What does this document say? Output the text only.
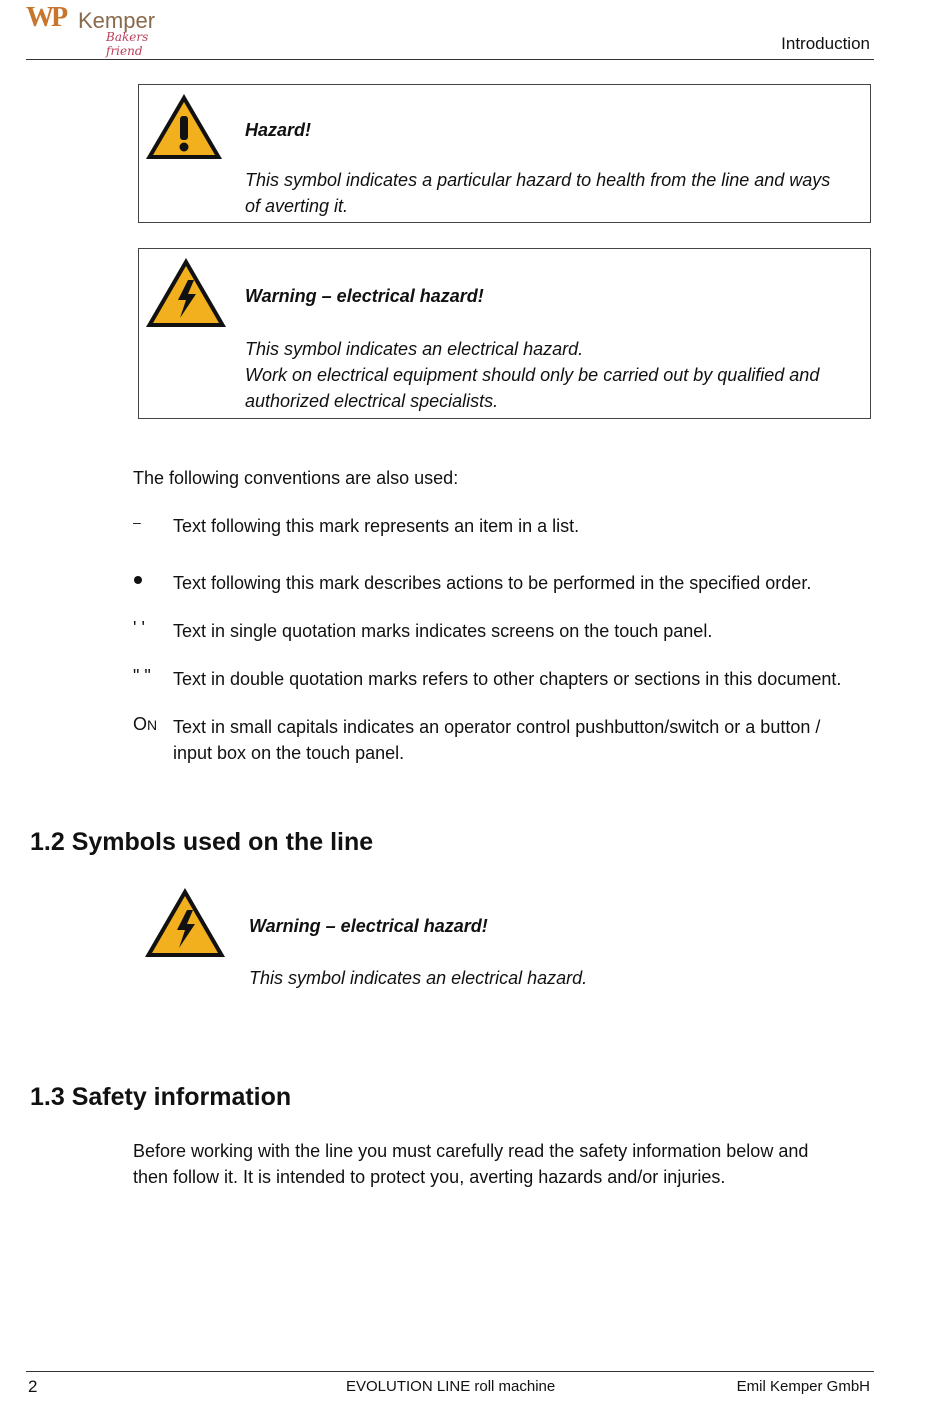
WP Kemper
Bakers friend	Introduction
Hazard!
This symbol indicates a particular hazard to health from the line and ways
of averting it.
Warning – electrical hazard!
This symbol indicates an electrical hazard.
Work on electrical equipment should only be carried out by qualified and
authorized electrical specialists.
The following conventions are also used:
– Text following this mark represents an item in a list.
Text following this mark describes actions to be performed in the specified order.
' ' Text in single quotation marks indicates screens on the touch panel.
" " Text in double quotation marks refers to other chapters or sections in this document.
ON Text in small capitals indicates an operator control pushbutton/switch or a button /
input box on the touch panel.
1.2 Symbols used on the line
Warning – electrical hazard!
This symbol indicates an electrical hazard.
1.3 Safety information
Before working with the line you must carefully read the safety information below and
then follow it. It is intended to protect you, averting hazards and/or injuries.
2	EVOLUTION LINE roll machine	Emil Kemper GmbH
